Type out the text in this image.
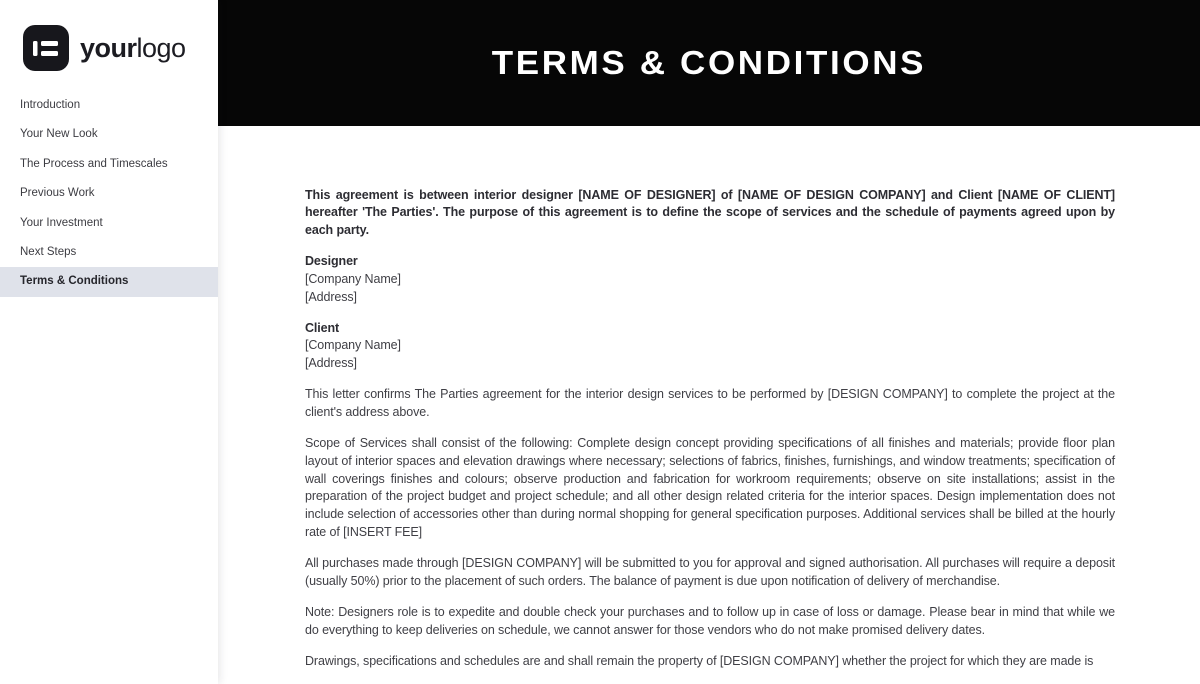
yourlogo
Introduction
Your New Look
The Process and Timescales
Previous Work
Your Investment
Next Steps
Terms & Conditions
TERMS & CONDITIONS

This agreement is between interior designer [NAME OF DESIGNER] of [NAME OF DESIGN COMPANY] and Client [NAME OF CLIENT] hereafter 'The Parties'. The purpose of this agreement is to define the scope of services and the schedule of payments agreed upon by each party.

Designer

[Company Name]

[Address]

Client

[Company Name]

[Address]

This letter confirms The Parties agreement for the interior design services to be performed by [DESIGN COMPANY] to complete the project at the client's address above.

Scope of Services shall consist of the following: Complete design concept providing specifications of all finishes and materials; provide floor plan layout of interior spaces and elevation drawings where necessary; selections of fabrics, finishes, furnishings, and window treatments; specification of wall coverings finishes and colours; observe production and fabrication for workroom requirements; observe on site installations; assist in the preparation of the project budget and project schedule; and all other design related criteria for the interior spaces. Design implementation does not include selection of accessories other than during normal shopping for general specification purposes. Additional services shall be billed at the hourly rate of [INSERT FEE]

All purchases made through [DESIGN COMPANY] will be submitted to you for approval and signed authorisation. All purchases will require a deposit (usually 50%) prior to the placement of such orders. The balance of payment is due upon notification of delivery of merchandise.

Note: Designers role is to expedite and double check your purchases and to follow up in case of loss or damage. Please bear in mind that while we do everything to keep deliveries on schedule, we cannot answer for those vendors who do not make promised delivery dates.

Drawings, specifications and schedules are and shall remain the property of [DESIGN COMPANY] whether the project for which they are made is
